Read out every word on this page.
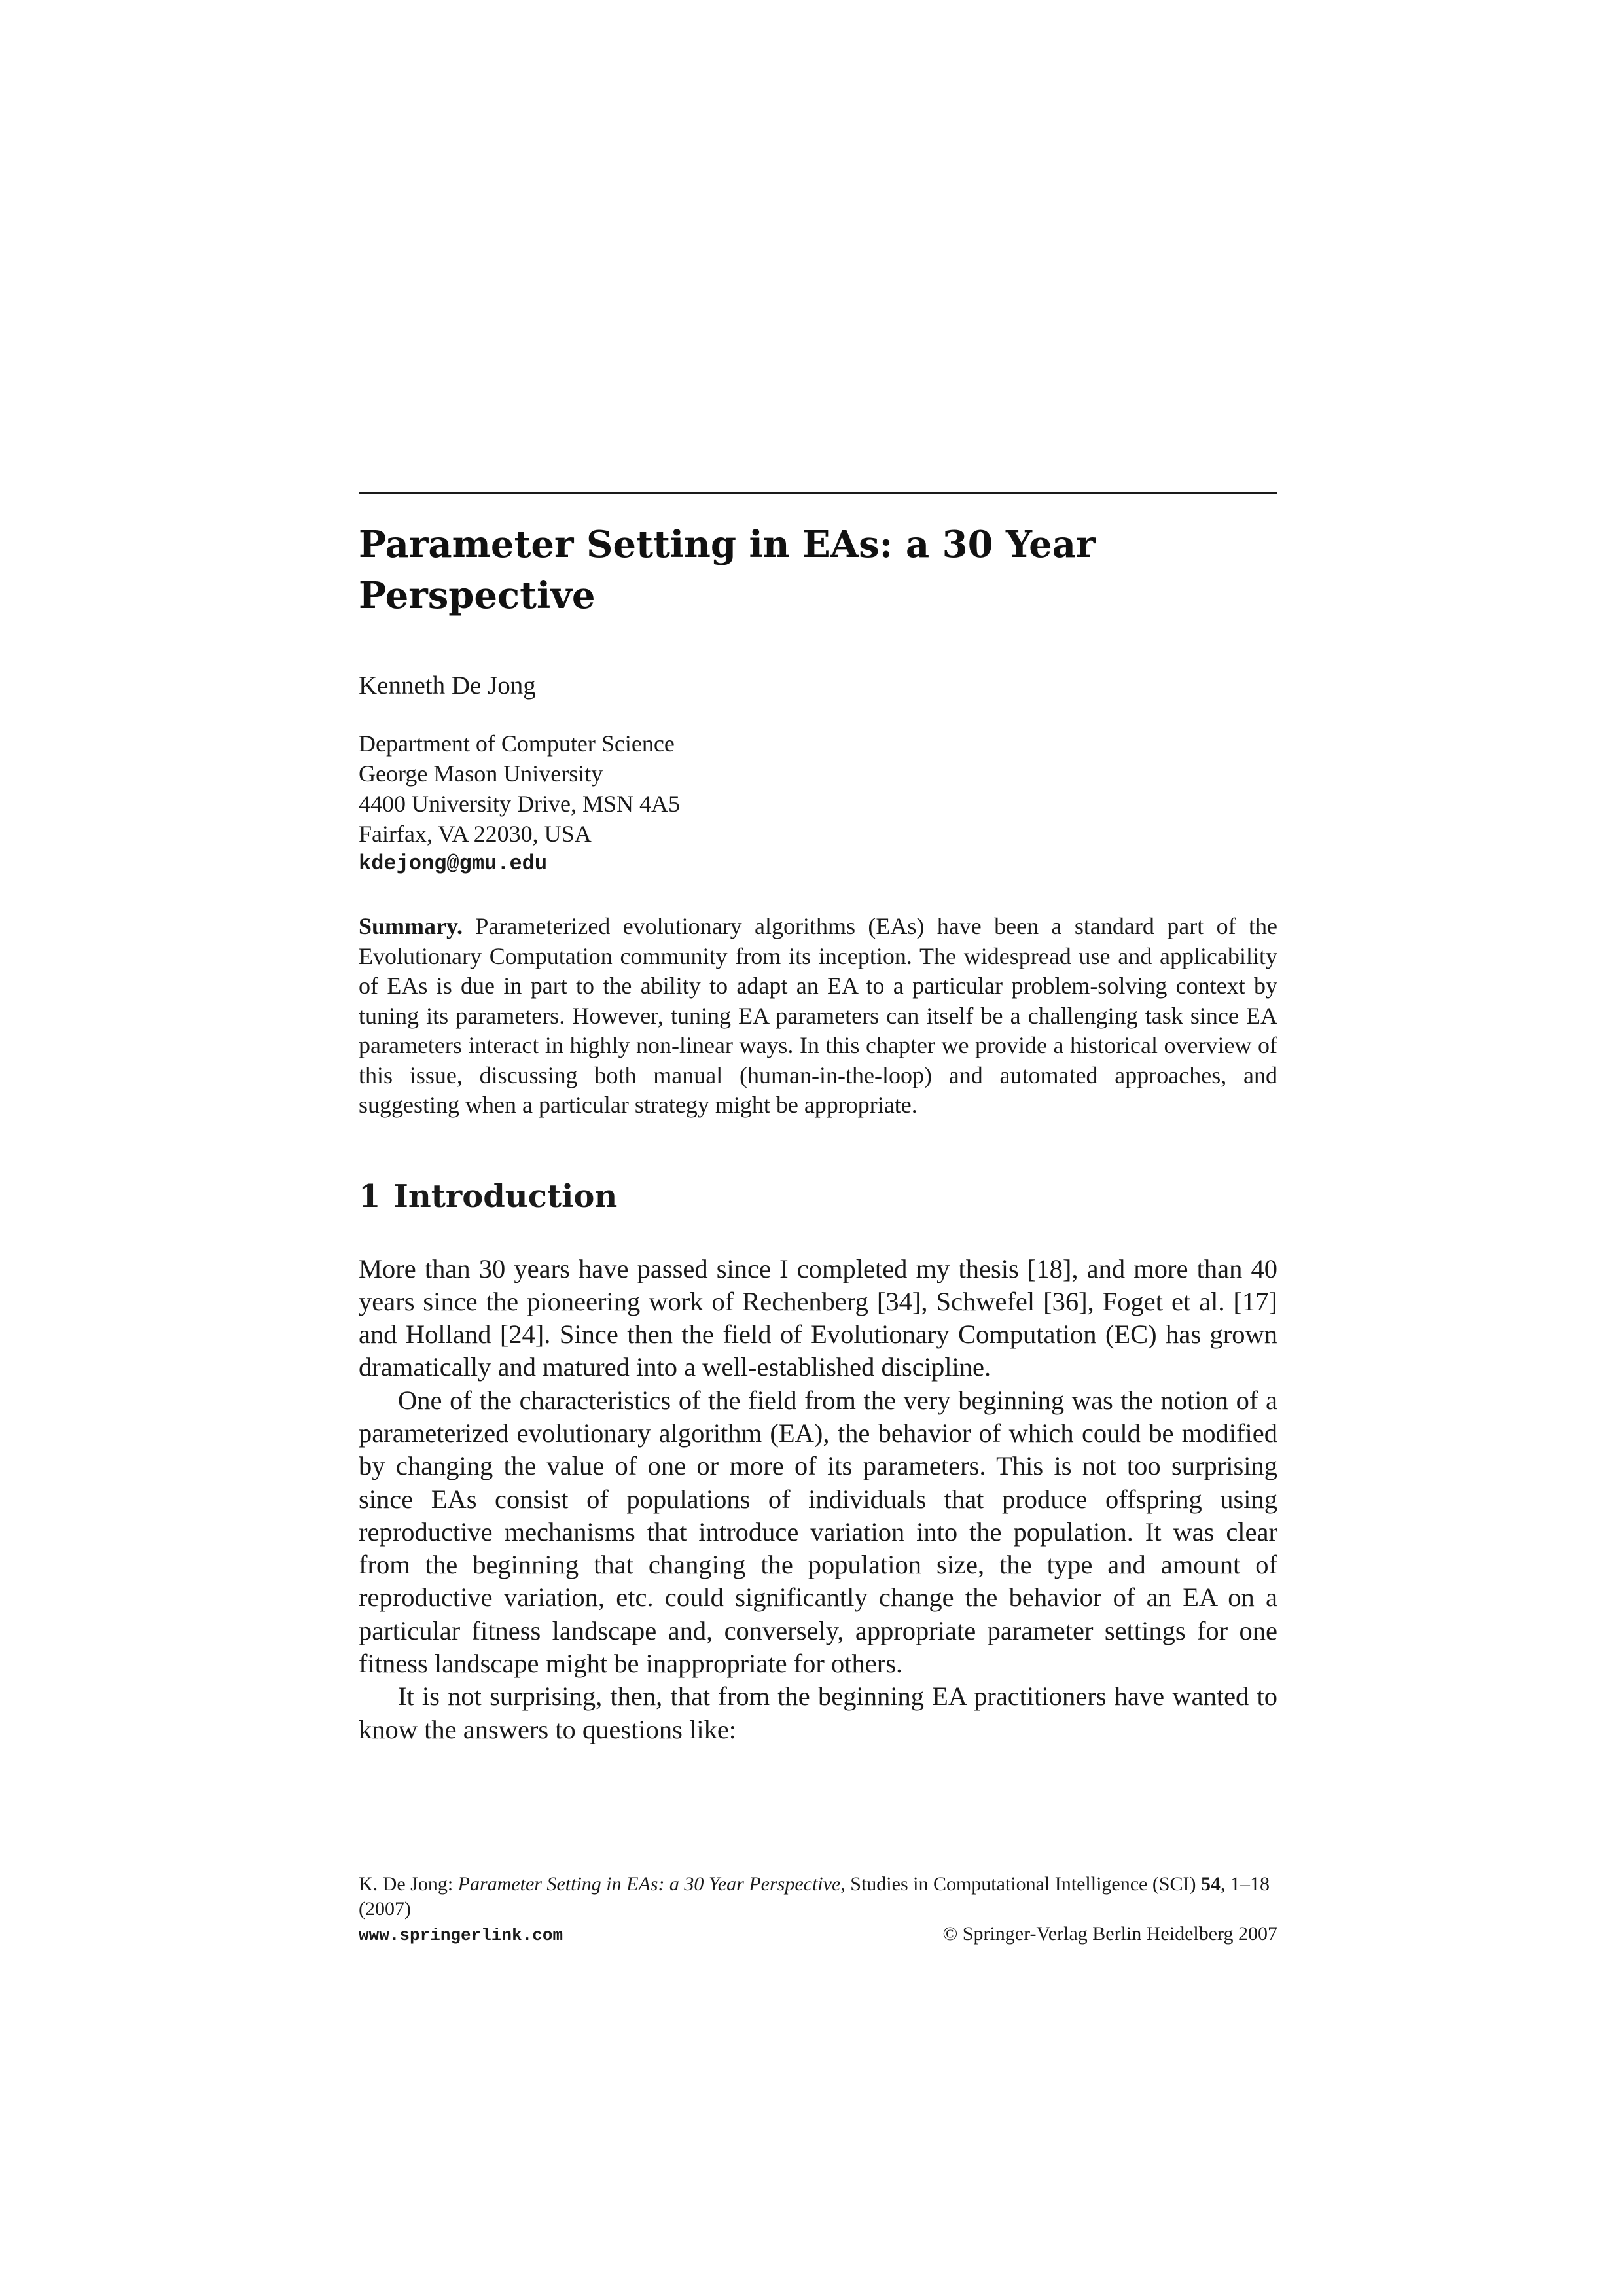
Parameter Setting in EAs: a 30 Year
Perspective
Kenneth De Jong
Department of Computer Science
George Mason University
4400 University Drive, MSN 4A5
Fairfax, VA 22030, USA
kdejong@gmu.edu
Summary. Parameterized evolutionary algorithms (EAs) have been a standard part of the Evolutionary Computation community from its inception. The widespread use and applicability of EAs is due in part to the ability to adapt an EA to a particular problem-solving context by tuning its parameters. However, tuning EA parameters can itself be a challenging task since EA parameters interact in highly non-linear ways. In this chapter we provide a historical overview of this issue, discussing both manual (human-in-the-loop) and automated approaches, and suggesting when a particular strategy might be appropriate.
1 Introduction

More than 30 years have passed since I completed my thesis [18], and more than 40 years since the pioneering work of Rechenberg [34], Schwefel [36], Foget et al. [17] and Holland [24]. Since then the field of Evolutionary Computation (EC) has grown dramatically and matured into a well-established discipline.

One of the characteristics of the field from the very beginning was the notion of a parameterized evolutionary algorithm (EA), the behavior of which could be modified by changing the value of one or more of its parameters. This is not too surprising since EAs consist of populations of individuals that produce offspring using reproductive mechanisms that introduce variation into the population. It was clear from the beginning that changing the population size, the type and amount of reproductive variation, etc. could significantly change the behavior of an EA on a particular fitness landscape and, conversely, appropriate parameter settings for one fitness landscape might be inappropriate for others.

It is not surprising, then, that from the beginning EA practitioners have wanted to know the answers to questions like:

K. De Jong: Parameter Setting in EAs: a 30 Year Perspective, Studies in Computational Intelligence (SCI) 54, 1–18 (2007)
www.springerlink.com	© Springer-Verlag Berlin Heidelberg 2007
